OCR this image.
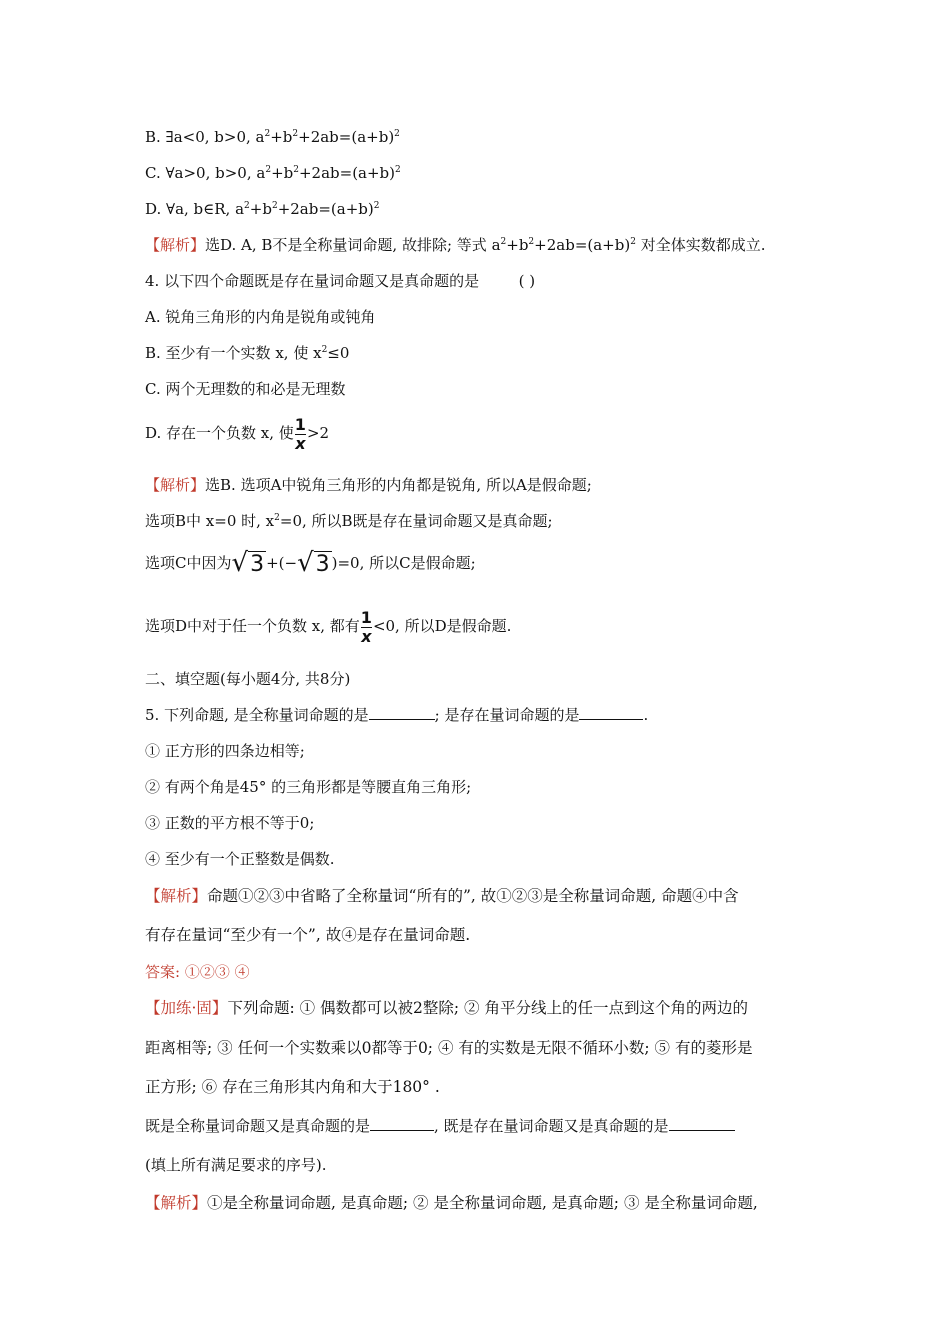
B. ∃a<0, b>0, $a^2+b^2+2ab=(a+b)^2$
C. ∀a>0, b>0, $a^2+b^2+2ab=(a+b)^2$
D. ∀a, b∈R, $a^2+b^2+2ab=(a+b)^2$
【解析】选D. A, B不是全称量词命题, 故排除; 等式 $a^2+b^2+2ab=(a+b)^2$ 对全体实数都成立.
4. 以下四个命题既是存在量词命题又是真命题的是	( )
A. 锐角三角形的内角是锐角或钝角
B. 至少有一个实数 x, 使 $x^2\le 0$
C. 两个无理数的和必是无理数
D. 存在一个负数 x, 使 $\frac{1}{x} >2$
【解析】选B. 选项A中锐角三角形的内角都是锐角, 所以A是假命题;
选项B中 x=0 时, $x^2=0$, 所以B既是存在量词命题又是真命题;
选项C中因为√3 +(−√3 )=0, 所以C是假命题;
选项D中对于任一个负数 x, 都有 $\frac{1}{x} <0$, 所以D是假命题.
二、填空题(每小题4分, 共8分)
5. 下列命题, 是全称量词命题的是	; 是存在量词命题的是	.
① 正方形的四条边相等;
② 有两个角是45° 的三角形都是等腰直角三角形;
③ 正数的平方根不等于0;
④ 至少有一个正整数是偶数.
【解析】命题①②③中省略了全称量词“所有的”, 故①②③是全称量词命题, 命题④中含
有存在量词“至少有一个”, 故④是存在量词命题.
答案: ①②③ ④
【加练·固】下列命题: ① 偶数都可以被2整除; ② 角平分线上的任一点到这个角的两边的
距离相等; ③ 任何一个实数乘以0都等于0; ④ 有的实数是无限不循环小数; ⑤ 有的菱形是
正方形; ⑥ 存在三角形其内角和大于180° .
既是全称量词命题又是真命题的是	, 既是存在量词命题又是真命题的是
(填上所有满足要求的序号).
【解析】①是全称量词命题, 是真命题; ② 是全称量词命题, 是真命题; ③ 是全称量词命题,
